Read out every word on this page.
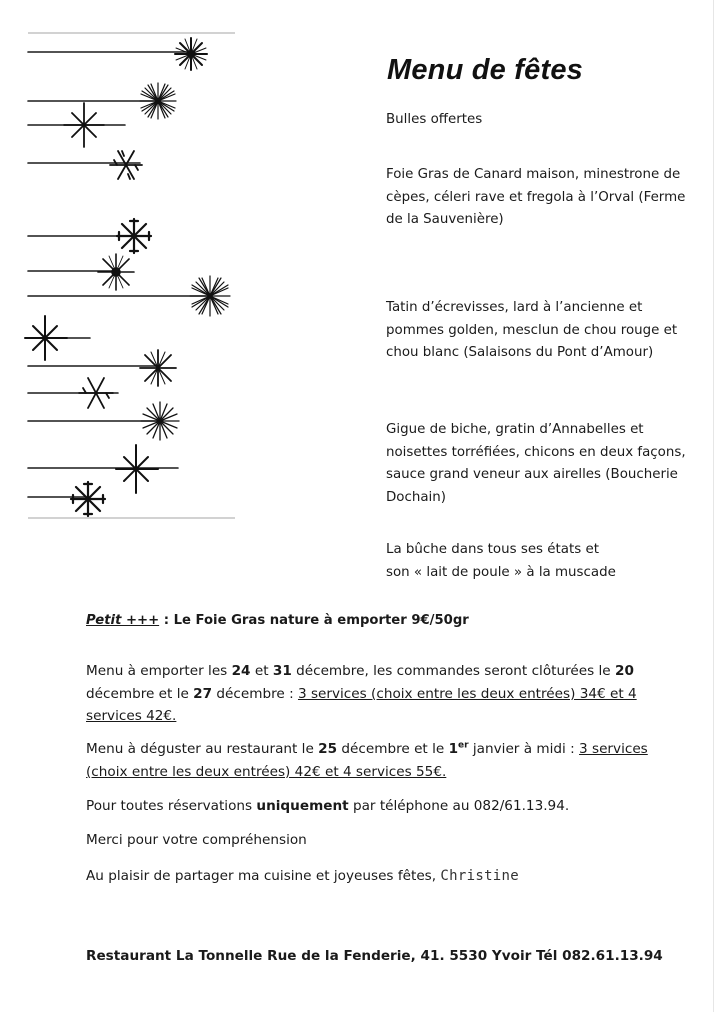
Menu de fêtes

Bulles offertes

Foie Gras de Canard maison, minestrone de cèpes, céleri rave et fregola à l’Orval (Ferme de la Sauvenière)

Tatin d’écrevisses, lard à l’ancienne et pommes golden, mesclun de chou rouge et chou blanc (Salaisons du Pont d’Amour)

Gigue de biche, gratin d’Annabelles et noisettes torréfiées, chicons en deux façons, sauce grand veneur aux airelles (Boucherie Dochain)

La bûche dans tous ses états et son « lait de poule » à la muscade

Petit +++ : Le Foie Gras nature à emporter 9€/50gr

Menu à emporter les 24 et 31 décembre, les commandes seront clôturées le 20 décembre et le 27 décembre : 3 services (choix entre les deux entrées) 34€ et 4 services 42€.

Menu à déguster au restaurant le 25 décembre et le 1er janvier à midi : 3 services (choix entre les deux entrées) 42€ et 4 services 55€.

Pour toutes réservations uniquement par téléphone au 082/61.13.94.

Merci pour votre compréhension

Au plaisir de partager ma cuisine et joyeuses fêtes, Christine

Restaurant La Tonnelle Rue de la Fenderie, 41. 5530 Yvoir Tél 082.61.13.94
